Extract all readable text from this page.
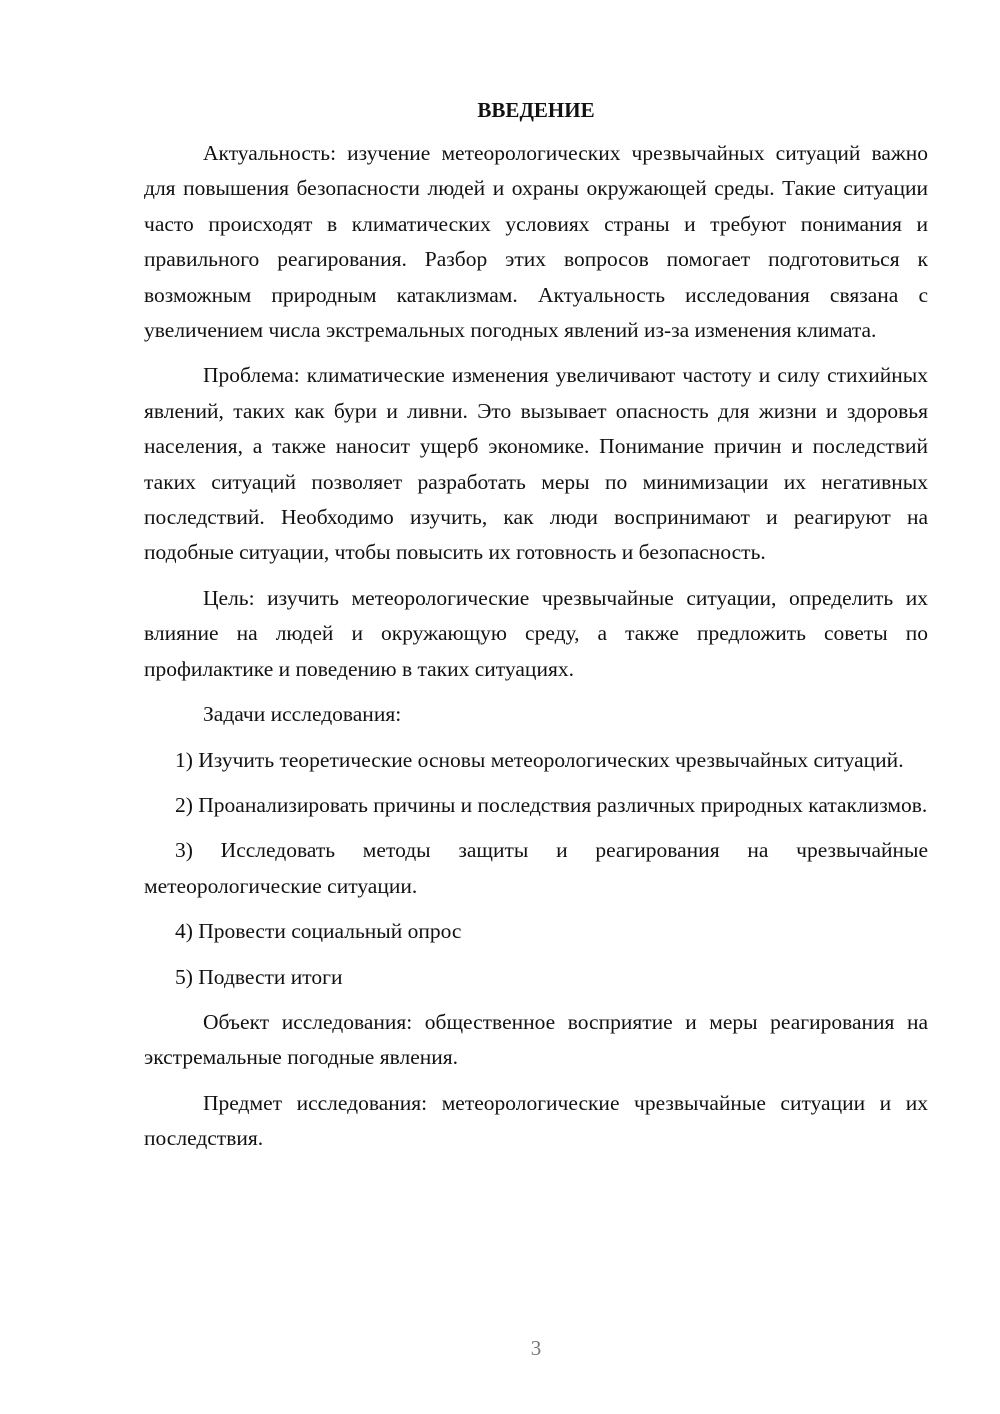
ВВЕДЕНИЕ

Актуальность: изучение метеорологических чрезвычайных ситуаций важно для повышения безопасности людей и охраны окружающей среды. Такие ситуации часто происходят в климатических условиях страны и требуют понимания и правильного реагирования. Разбор этих вопросов помогает подготовиться к возможным природным катаклизмам. Актуальность исследования связана с увеличением числа экстремальных погодных явлений из-за изменения климата.

Проблема: климатические изменения увеличивают частоту и силу стихийных явлений, таких как бури и ливни. Это вызывает опасность для жизни и здоровья населения, а также наносит ущерб экономике. Понимание причин и последствий таких ситуаций позволяет разработать меры по минимизации их негативных последствий. Необходимо изучить, как люди воспринимают и реагируют на подобные ситуации, чтобы повысить их готовность и безопасность.

Цель: изучить метеорологические чрезвычайные ситуации, определить их влияние на людей и окружающую среду, а также предложить советы по профилактике и поведению в таких ситуациях.

Задачи исследования:

1) Изучить теоретические основы метеорологических чрезвычайных ситуаций.

2) Проанализировать причины и последствия различных природных катаклизмов.

3) Исследовать методы защиты и реагирования на чрезвычайные метеорологические ситуации.

4) Провести социальный опрос

5) Подвести итоги

Объект исследования: общественное восприятие и меры реагирования на экстремальные погодные явления.

Предмет исследования: метеорологические чрезвычайные ситуации и их последствия.

3
